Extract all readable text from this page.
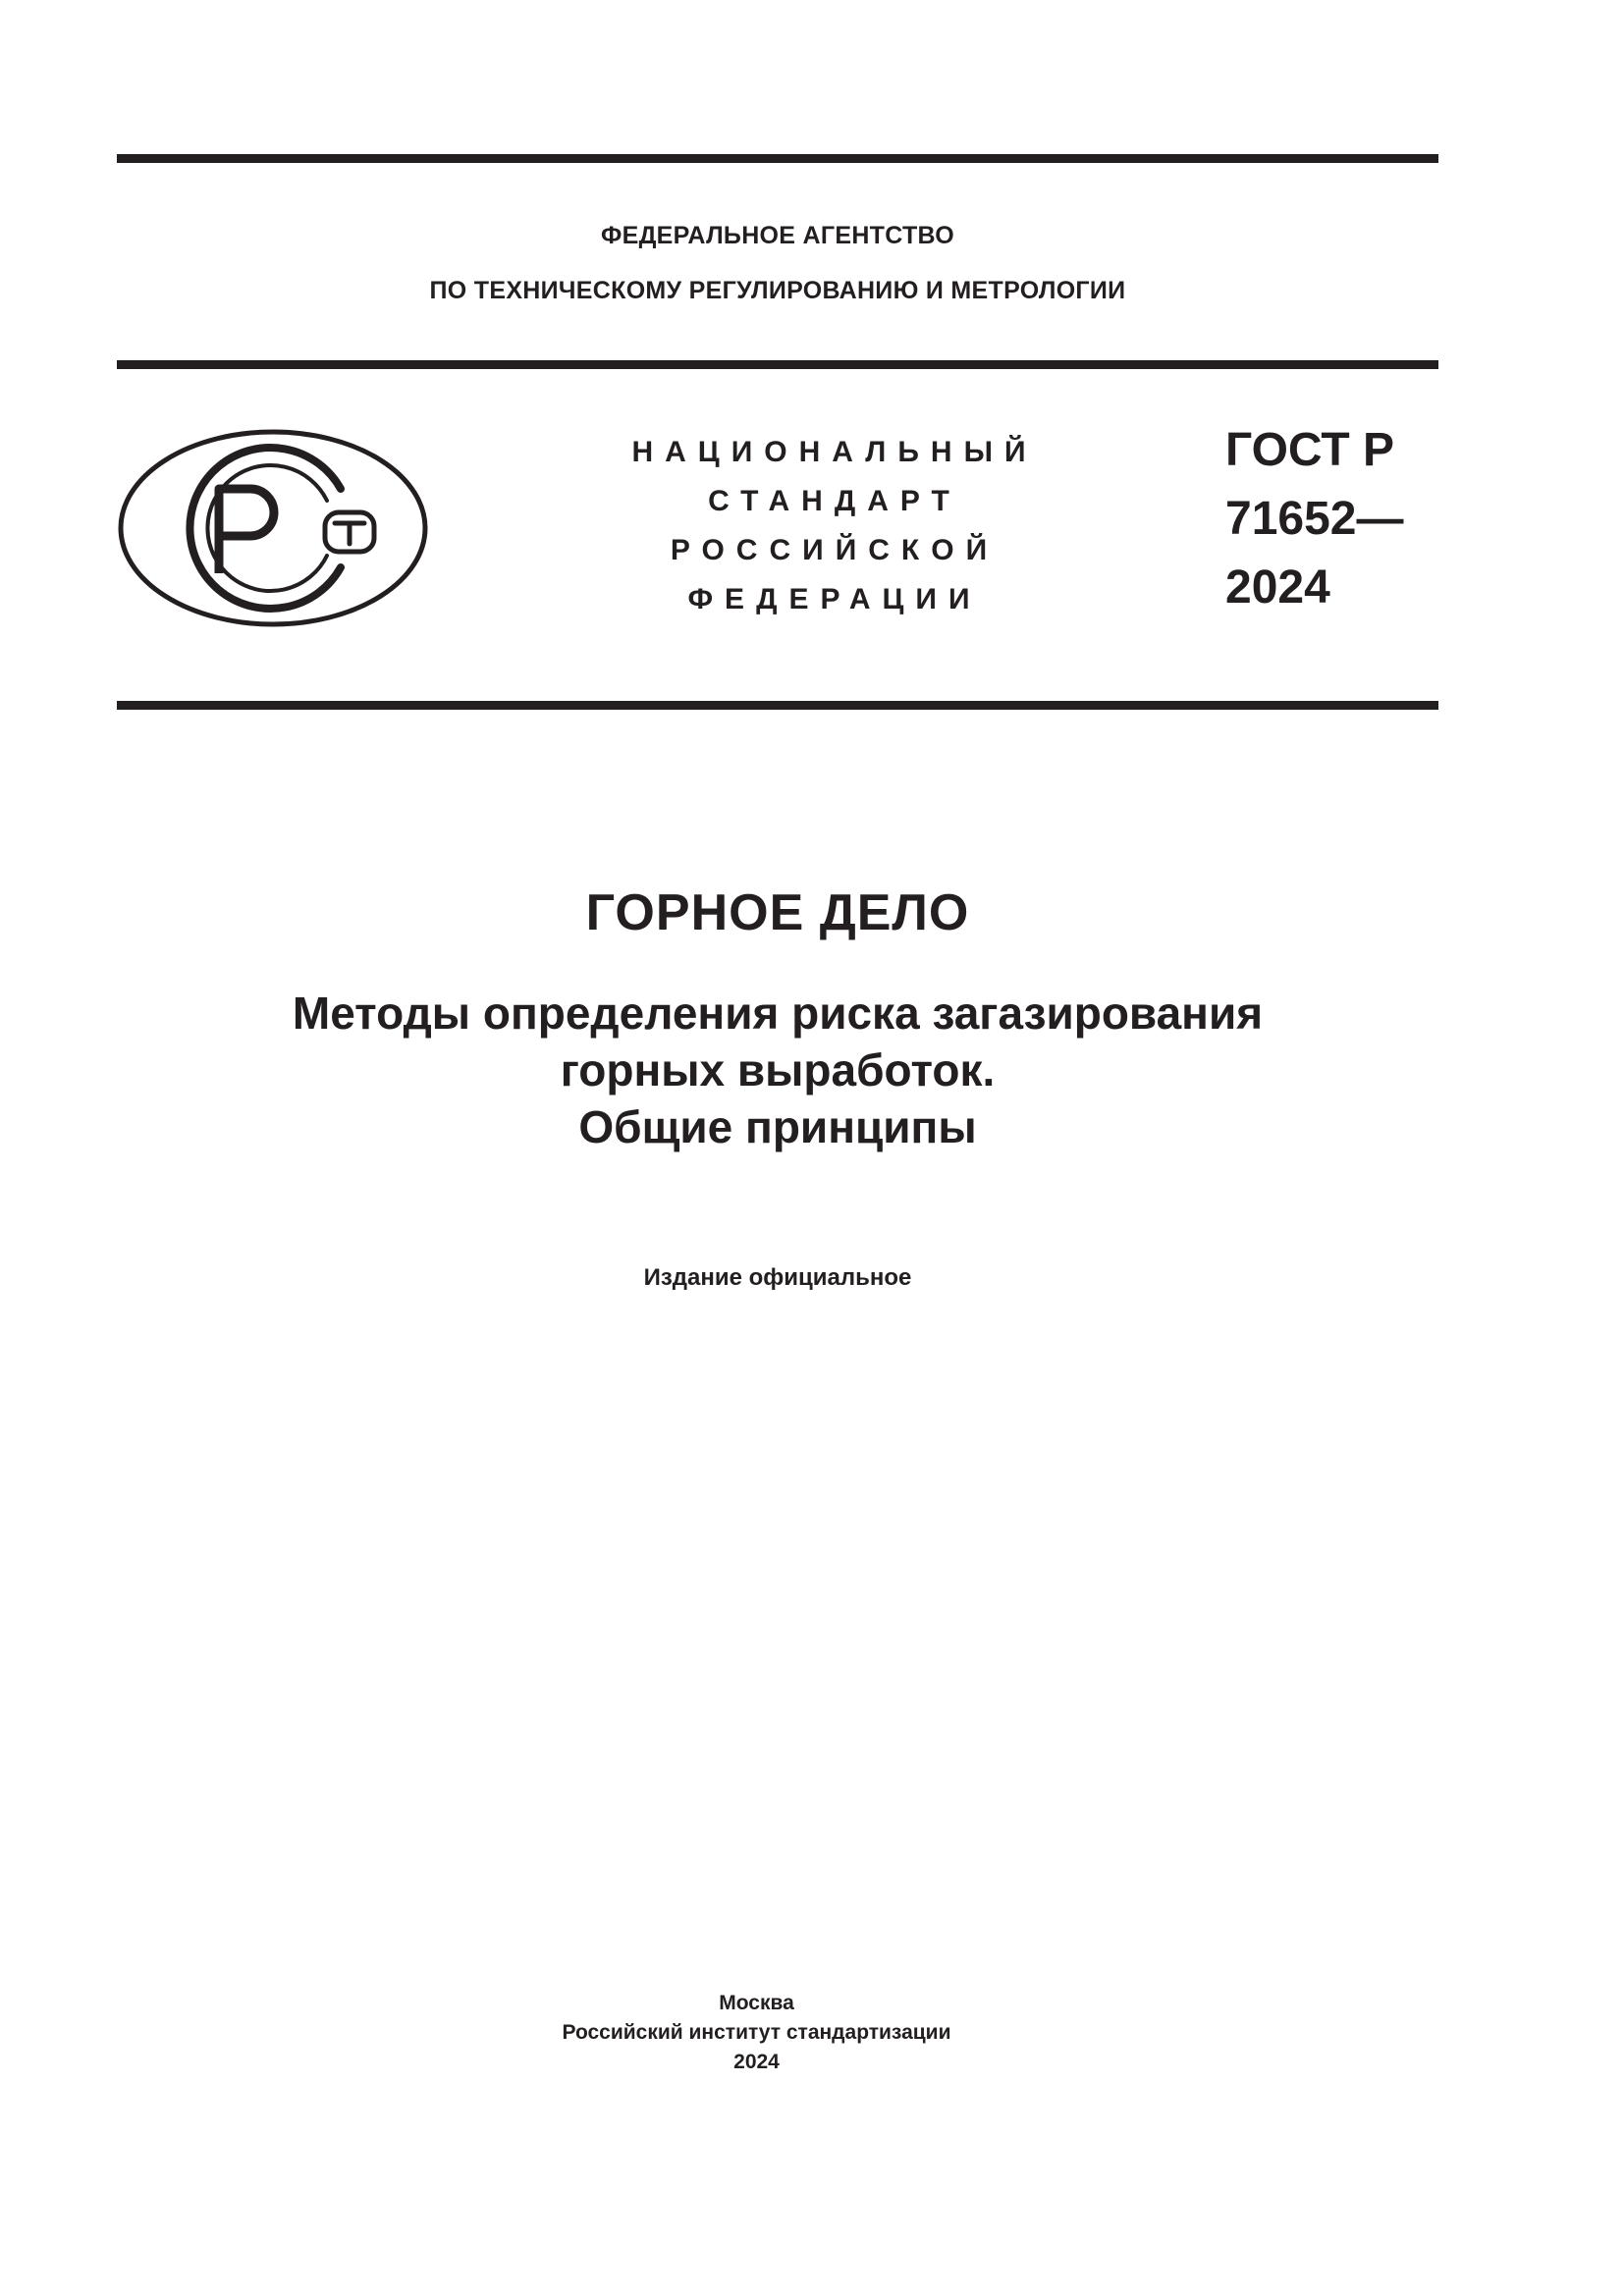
ФЕДЕРАЛЬНОЕ АГЕНТСТВО
ПО ТЕХНИЧЕСКОМУ РЕГУЛИРОВАНИЮ И МЕТРОЛОГИИ
НАЦИОНАЛЬНЫЙ
СТАНДАРТ
РОССИЙСКОЙ
ФЕДЕРАЦИИ
ГОСТ Р
71652—
2024
ГОРНОЕ ДЕЛО
Методы определения риска загазирования
горных выработок.
Общие принципы
Издание официальное
Москва
Российский институт стандартизации
2024
